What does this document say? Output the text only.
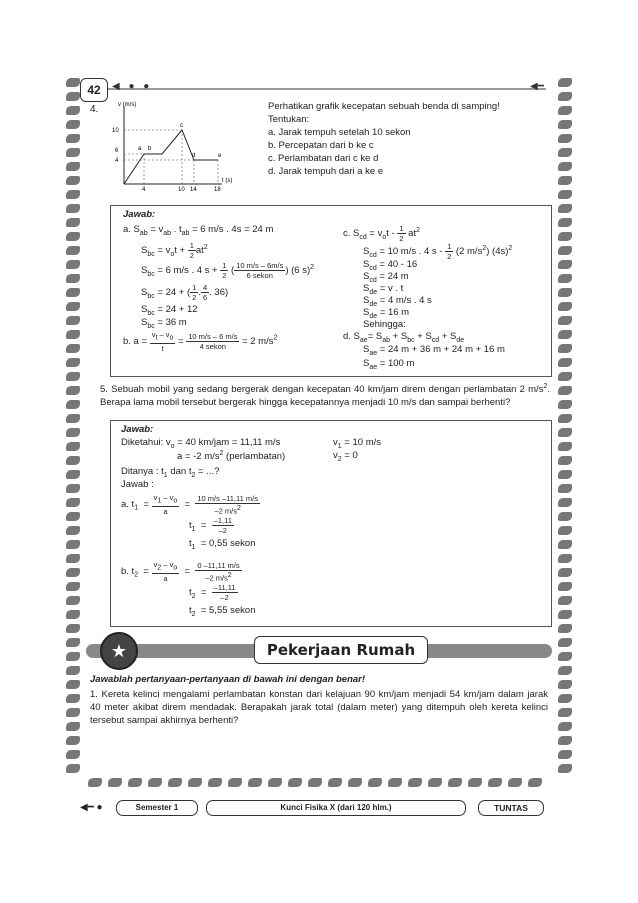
42	◀ ● ●	◀━
4.	v (m/s)
t (s)
10
6
4
4	10 14	18
a b
c
d	e
Perhatikan grafik kecepatan sebuah benda di samping!
Tentukan:
a. Jarak tempuh setelah 10 sekon
b. Percepatan dari b ke c
c. Perlambatan dari c ke d
d. Jarak tempuh dari a ke e
Jawab:
a. $S_{ab} = v_{ab}$ . $t_{ab} = 6$ m/s . 4s = 24 m
$S_{bc} = v_ot + \frac{1}{2} at^2$
$S_{bc} = 6$ m/s . 4 $s + \frac{1}{2}$ ( $\frac{10 m/s - 6m/s}{\text{6 sekon}}$ ) (6 s)$^2$
$S_{bc} = 24$ + ( $\frac{1}{2}$ . $\frac{4}{6}$ . 36)
$S_{bc} = 24 + 12$
$S_{bc} = 36$ m
b. $a = \frac{v_t - v_o}{t} = \frac{10 m/s - 6 m/s}{\text{4 sekon}} = 2$ $m/s^2$
c. $S_{cd} = v_ot - \frac{1}{2} at^2$
$S_{cd} = 10$ m/s . 4 s - $\frac{1}{2} (2$ $m/s^2$) $(4s)^2$
$S_{cd} = 40 - 16$
$S_{cd} = 24$ m
$S_{de} = v$ . t
$S_{de} = 4$ m/s . 4 s
$S_{de} = 16$ m
Sehingga:
d. $S_{ae}= S_{ab} + S_{bc} + S_{cd} + S_{de}$
$S_{ae} = 24$ m + 36 m + 24 m + 16 m
$S_{ae} = 100$ m
5. Sebuah mobil yang sedang bergerak dengan kecepatan 40 km/jam direm dengan perlambatan 2 $m/s^2$. Berapa lama mobil tersebut bergerak hingga kecepatannya menjadi 10 m/s dan sampai berhenti?
Jawab:
Diketahui: $v_o = 40$ km/jam = 11,11 m/s	$v_1 = 10$ m/s
a = -2 $m/s^2$ (perlambatan)	$v_2 = 0$
Ditanya : $t_1$ dan $t_2$ = ...?
Jawab :
a. $t_1 = \frac{v_1 - v_o}{a} = \frac{10 m/s -11,11 m/s}{-2 m/s^2}$
$t_1 = \frac{-1,11}{-2}$
$t_1 = 0,55$ sekon
b. $t_2 = \frac{v_2 - v_o}{a} = \frac{0 -11,11 m/s}{-2 m/s^2}$
$t_2 = \frac{-11,11}{-2}$
$t_2 = 5,55$ sekon
★	Pekerjaan Rumah
Jawablah pertanyaan-pertanyaan di bawah ini dengan benar!
1. Kereta kelinci mengalami perlambatan konstan dari kelajuan 90 km/jam menjadi 54 km/jam dalam jarak 40 meter akibat direm mendadak. Berapakah jarak total (dalam meter) yang ditempuh oleh kereta kelinci tersebut sampai akhirnya berhenti?
◀━ ●	Semester 1	Kunci Fisika X (dari 120 hlm.)	TUNTAS
